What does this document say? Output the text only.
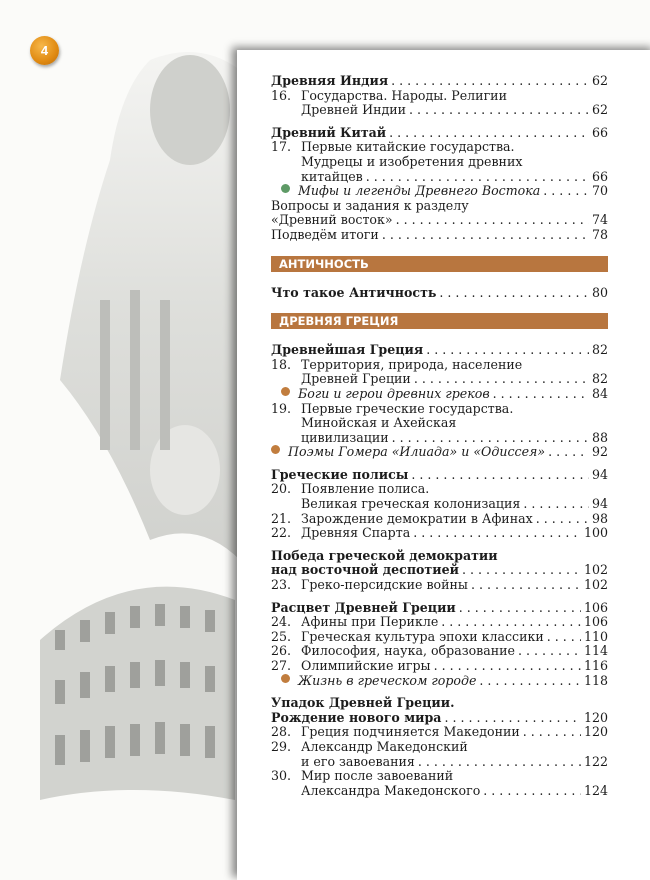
4
Древняя Индия . . .	62
16. Государства. Народы. Религии
Древней Индии . . .	62
Древний Китай . . .	66
17. Первые китайские государства.
Мудрецы и изобретения древних
китайцев . . .	66
Мифы и легенды Древнего Востока . . .	70
Вопросы и задания к разделу
«Древний восток» . . .	74
Подведём итоги . . .	78
АНТИЧНОСТЬ
Что такое Античность . . .	80
ДРЕВНЯЯ ГРЕЦИЯ
Древнейшая Греция . . .	82
18. Территория, природа, население
Древней Греции . . .	82
Боги и герои древних греков . . .	84
19. Первые греческие государства.
Минойская и Ахейская
цивилизации . . .	88
Поэмы Гомера «Илиада» и «Одиссея» . . .	92
Греческие полисы . . .	94
20. Появление полиса.
Великая греческая колонизация . . .	94
21. Зарождение демократии в Афинах . . .	98
22. Древняя Спарта . . .	100
Победа греческой демократии
над восточной деспотией . . .	102
23. Греко-персидские войны . . .	102
Расцвет Древней Греции . . .	106
24. Афины при Перикле . . .	106
25. Греческая культура эпохи классики . . .	110
26. Философия, наука, образование . . .	114
27. Олимпийские игры . . .	116
Жизнь в греческом городе . . .	118
Упадок Древней Греции.
Рождение нового мира . . .	120
28. Греция подчиняется Македонии . . .	120
29. Александр Македонский
и его завоевания . . .	122
30. Мир после завоеваний
Александра Македонского . . .	124
